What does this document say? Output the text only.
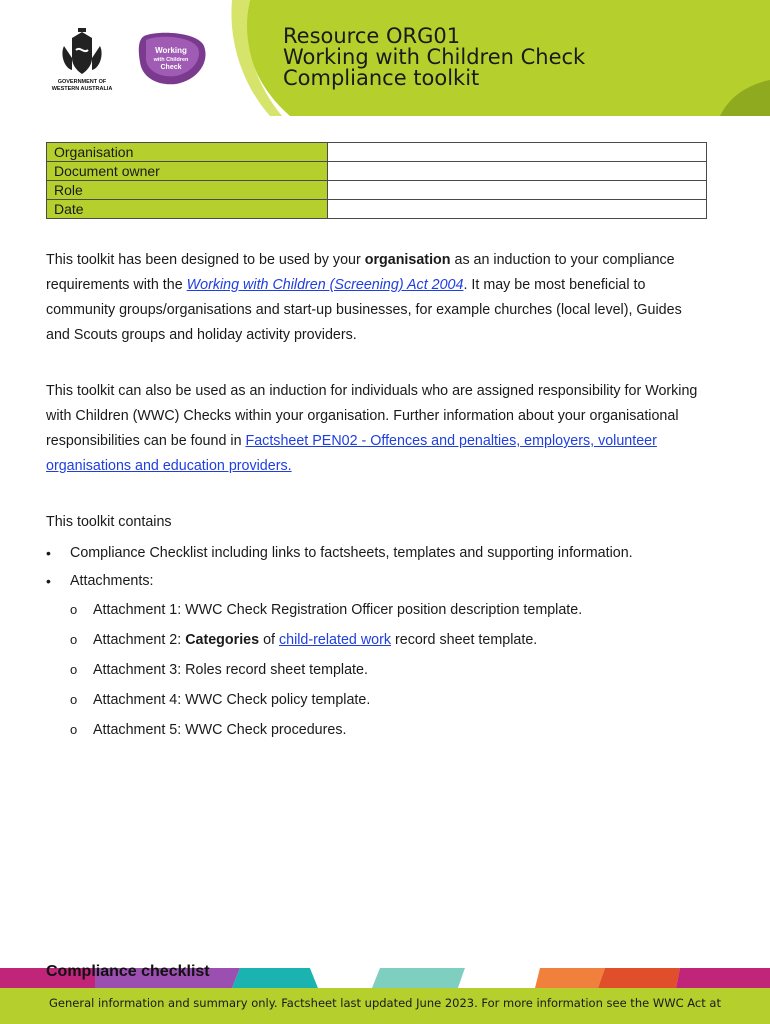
GOVERNMENT OF
WESTERN AUSTRALIA
Working
with Children
Check
Resource ORG01
Working with Children Check
Compliance toolkit
Organisation	
Document owner	
Role	
Date	

This toolkit has been designed to be used by your organisation as an induction to your compliance requirements with the Working with Children (Screening) Act 2004. It may be most beneficial to community groups/organisations and start-up businesses, for example churches (local level), Guides and Scouts groups and holiday activity providers.

This toolkit can also be used as an induction for individuals who are assigned responsibility for Working with Children (WWC) Checks within your organisation. Further information about your organisational responsibilities can be found in Factsheet PEN02 - Offences and penalties, employers, volunteer organisations and education providers.

This toolkit contains
• Compliance Checklist including links to factsheets, templates and supporting information.
• Attachments:
o Attachment 1: WWC Check Registration Officer position description template.
o Attachment 2: Categories of child-related work record sheet template.
o Attachment 3: Roles record sheet template.
o Attachment 4: WWC Check policy template.
o Attachment 5: WWC Check procedures.
Compliance checklist
General information and summary only. Factsheet last updated June 2023. For more information see the WWC Act at
